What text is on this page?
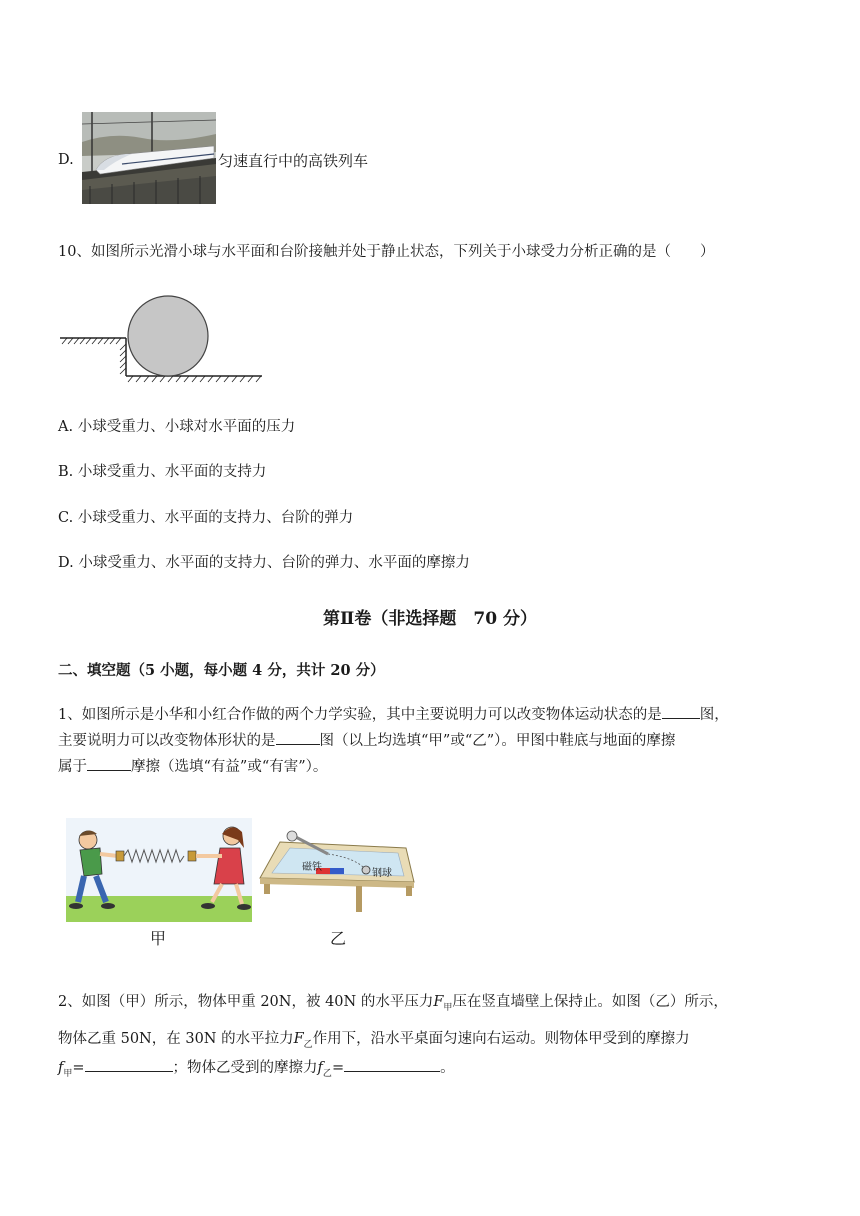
D.	匀速直行中的高铁列车
10、如图所示光滑小球与水平面和台阶接触并处于静止状态，下列关于小球受力分析正确的是（　　）
A. 小球受重力、小球对水平面的压力
B. 小球受重力、水平面的支持力
C. 小球受重力、水平面的支持力、台阶的弹力
D. 小球受重力、水平面的支持力、台阶的弹力、水平面的摩擦力
第Ⅱ卷（非选择题　70 分）
二、填空题（5 小题，每小题 4 分，共计 20 分）
1、如图所示是小华和小红合作做的两个力学实验，其中主要说明力可以改变物体运动状态的是	图，
主要说明力可以改变物体形状的是	图（以上均选填“甲”或“乙”）。甲图中鞋底与地面的摩擦
属于	摩擦（选填“有益”或“有害”）。
甲
磁铁
钢球
乙
2、如图（甲）所示，物体甲重 20N，被 40N 的水平压力$F_甲$压在竖直墙壁上保持止。如图（乙）所示，
物体乙重 50N，在 30N 的水平拉力$F_乙$作用下，沿水平桌面匀速向右运动。则物体甲受到的摩擦力
$f_甲=$	；物体乙受到的摩擦力$f_乙=$	。
